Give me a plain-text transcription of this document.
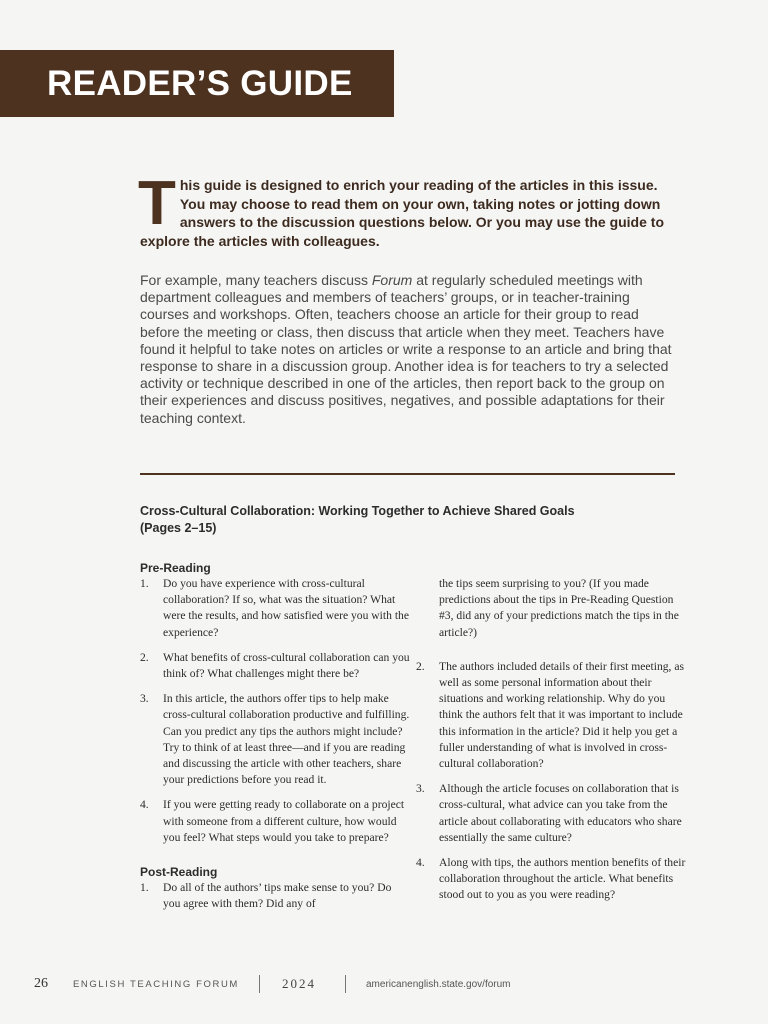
READER’S GUIDE
This guide is designed to enrich your reading of the articles in this issue. You may choose to read them on your own, taking notes or jotting down answers to the discussion questions below. Or you may use the guide to explore the articles with colleagues.
For example, many teachers discuss Forum at regularly scheduled meetings with department colleagues and members of teachers’ groups, or in teacher-training courses and workshops. Often, teachers choose an article for their group to read before the meeting or class, then discuss that article when they meet. Teachers have found it helpful to take notes on articles or write a response to an article and bring that response to share in a discussion group. Another idea is for teachers to try a selected activity or technique described in one of the articles, then report back to the group on their experiences and discuss positives, negatives, and possible adaptations for their teaching context.
Cross-Cultural Collaboration: Working Together to Achieve Shared Goals
(Pages 2–15)
Pre-Reading
1.	Do you have experience with cross-cultural collaboration? If so, what was the situation? What were the results, and how satisfied were you with the experience?
2.	What benefits of cross-cultural collaboration can you think of? What challenges might there be?
3.	In this article, the authors offer tips to help make cross-cultural collaboration productive and fulfilling. Can you predict any tips the authors might include? Try to think of at least three—and if you are reading and discussing the article with other teachers, share your predictions before you read it.
4.	If you were getting ready to collaborate on a project with someone from a different culture, how would you feel? What steps would you take to prepare?
Post-Reading
1.	Do all of the authors’ tips make sense to you? Do you agree with them? Did any of
the tips seem surprising to you? (If you made predictions about the tips in Pre-Reading Question #3, did any of your predictions match the tips in the article?)
2.	The authors included details of their first meeting, as well as some personal information about their situations and working relationship. Why do you think the authors felt that it was important to include this information in the article? Did it help you get a fuller understanding of what is involved in cross-cultural collaboration?
3.	Although the article focuses on collaboration that is cross-cultural, what advice can you take from the article about collaborating with educators who share essentially the same culture?
4.	Along with tips, the authors mention benefits of their collaboration throughout the article. What benefits stood out to you as you were reading?
26	ENGLISH TEACHING FORUM	2024	americanenglish.state.gov/forum
